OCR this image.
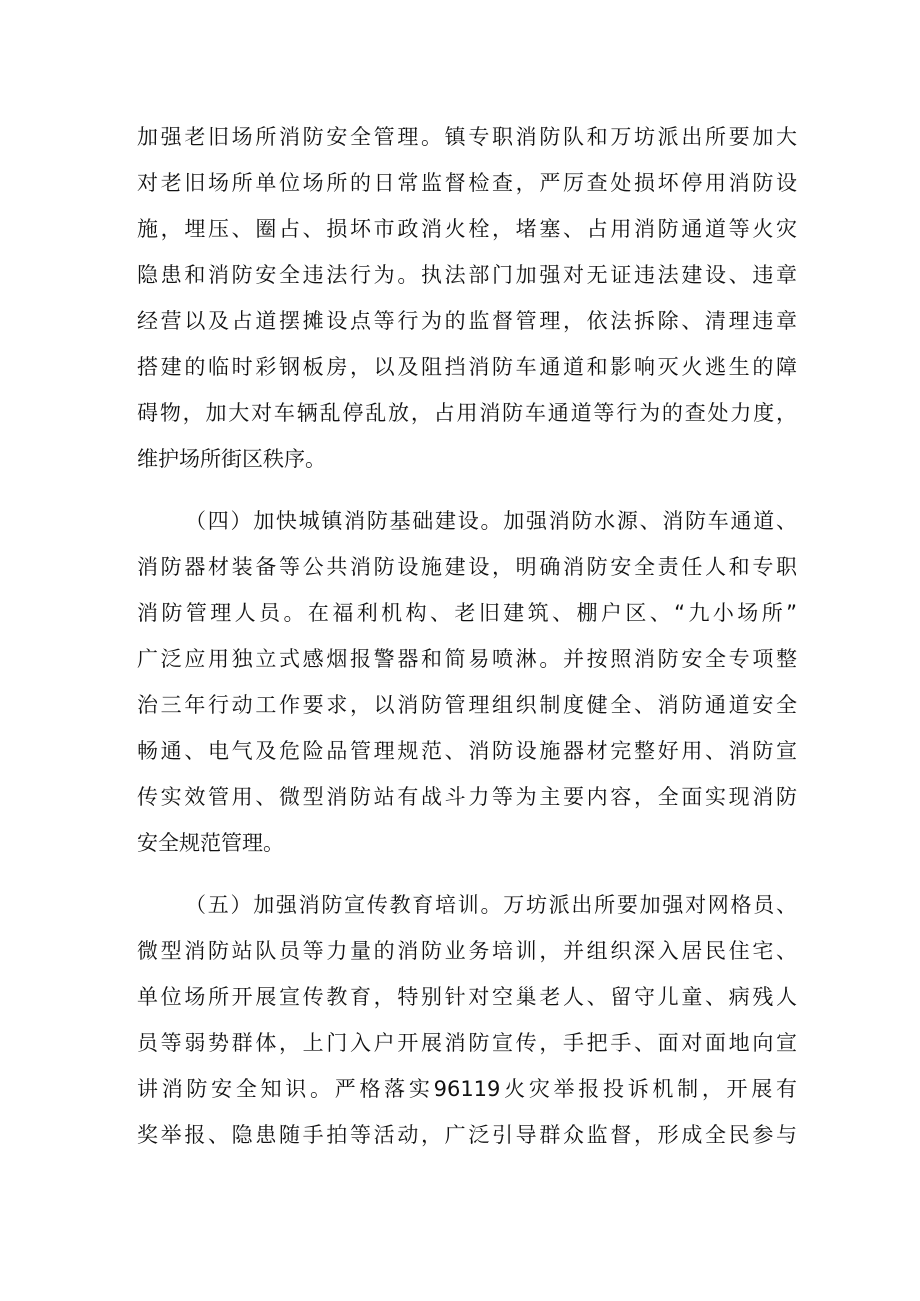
加强老旧场所消防安全管理。镇专职消防队和万坊派出所要加大
对老旧场所单位场所的日常监督检查，严厉查处损坏停用消防设
施，埋压、圈占、损坏市政消火栓，堵塞、占用消防通道等火灾
隐患和消防安全违法行为。执法部门加强对无证违法建设、违章
经营以及占道摆摊设点等行为的监督管理，依法拆除、清理违章
搭建的临时彩钢板房，以及阻挡消防车通道和影响灭火逃生的障
碍物，加大对车辆乱停乱放，占用消防车通道等行为的查处力度，
维护场所街区秩序。
（四）加快城镇消防基础建设。加强消防水源、消防车通道、
消防器材装备等公共消防设施建设，明确消防安全责任人和专职
消防管理人员。在福利机构、老旧建筑、棚户区、“九小场所”
广泛应用独立式感烟报警器和简易喷淋。并按照消防安全专项整
治三年行动工作要求，以消防管理组织制度健全、消防通道安全
畅通、电气及危险品管理规范、消防设施器材完整好用、消防宣
传实效管用、微型消防站有战斗力等为主要内容，全面实现消防
安全规范管理。
（五）加强消防宣传教育培训。万坊派出所要加强对网格员、
微型消防站队员等力量的消防业务培训，并组织深入居民住宅、
单位场所开展宣传教育，特别针对空巢老人、留守儿童、病残人
员等弱势群体，上门入户开展消防宣传，手把手、面对面地向宣
讲消防安全知识。严格落实96119火灾举报投诉机制，开展有
奖举报、隐患随手拍等活动，广泛引导群众监督，形成全民参与
